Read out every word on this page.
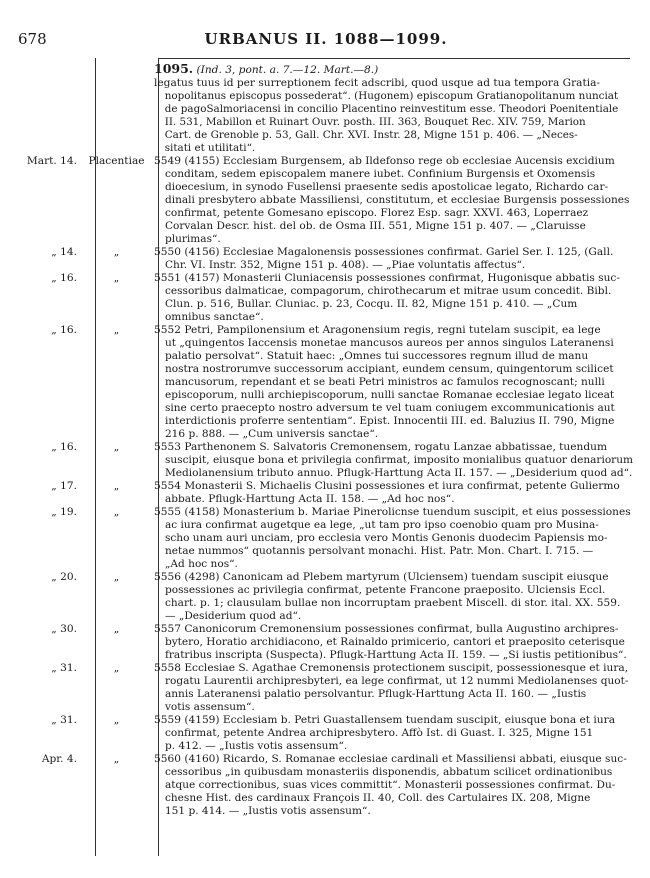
678	URBANUS II. 1088—1099.
1095. (Ind. 3, pont. a. 7.—12. Mart.—8.)
legatus tuus id per surreptionem fecit adscribi, quod usque ad tua tempora Gratia-
nopolitanus episcopus possederat“. (Hugonem) episcopum Gratianopolitanum nunciat
de pagoSalmoriacensi in concilio Placentino reinvestitum esse. Theodori Poenitentiale
II. 531, Mabillon et Ruinart Ouvr. posth. III. 363, Bouquet Rec. XIV. 759, Marion
Cart. de Grenoble p. 53, Gall. Chr. XVI. Instr. 28, Migne 151 p. 406. — „Neces-
sitati et utilitati“.
Mart. 14.	Placentiae 5549 (4155) Ecclesiam Burgensem, ab Ildefonso rege ob ecclesiae Aucensis excidium
conditam, sedem episcopalem manere iubet. Confinium Burgensis et Oxomensis
dioecesium, in synodo Fusellensi praesente sedis apostolicae legato, Richardo car-
dinali presbytero abbate Massiliensi, constitutum, et ecclesiae Burgensis possessiones
confirmat, petente Gomesano episcopo. Florez Esp. sagr. XXVI. 463, Loperraez
Corvalan Descr. hist. del ob. de Osma III. 551, Migne 151 p. 407. — „Claruisse
plurimas“.
„ 14.	„	5550 (4156) Ecclesiae Magalonensis possessiones confirmat. Gariel Ser. I. 125, (Gall.
Chr. VI. Instr. 352, Migne 151 p. 408). — „Piae voluntatis affectus“.
„ 16.	„	5551 (4157) Monasterii Cluniacensis possessiones confirmat, Hugonisque abbatis suc-
cessoribus dalmaticae, compagorum, chirothecarum et mitrae usum concedit. Bibl.
Clun. p. 516, Bullar. Cluniac. p. 23, Cocqu. II. 82, Migne 151 p. 410. — „Cum
omnibus sanctae“.
„ 16.	„	5552 Petri, Pampilonensium et Aragonensium regis, regni tutelam suscipit, ea lege
ut „quingentos Iaccensis monetae mancusos aureos per annos singulos Lateranensi
palatio persolvat“. Statuit haec: „Omnes tui successores regnum illud de manu
nostra nostrorumve successorum accipiant, eundem censum, quingentorum scilicet
mancusorum, rependant et se beati Petri ministros ac famulos recognoscant; nulli
episcoporum, nulli archiepiscoporum, nulli sanctae Romanae ecclesiae legato liceat
sine certo praecepto nostro adversum te vel tuam coniugem excommunicationis aut
interdictionis proferre sententiam“. Epist. Innocentii III. ed. Baluzius II. 790, Migne
216 p. 888. — „Cum universis sanctae“.
„ 16.	„	5553 Parthenonem S. Salvatoris Cremonensem, rogatu Lanzae abbatissae, tuendum
suscipit, eiusque bona et privilegia confirmat, imposito monialibus quatuor denariorum
Mediolanensium tributo annuo. Pflugk-Harttung Acta II. 157. — „Desiderium quod ad“.
„ 17.	„	5554 Monasterii S. Michaelis Clusini possessiones et iura confirmat, petente Guliermo
abbate. Pflugk-Harttung Acta II. 158. — „Ad hoc nos“.
„ 19.	„	5555 (4158) Monasterium b. Mariae Pinerolicnse tuendum suscipit, et eius possessiones
ac iura confirmat augetque ea lege, „ut tam pro ipso coenobio quam pro Musina-
scho unam auri unciam, pro ecclesia vero Montis Genonis duodecim Papiensis mo-
netae nummos“ quotannis persolvant monachi. Hist. Patr. Mon. Chart. I. 715. —
„Ad hoc nos“.
„ 20.	„	5556 (4298) Canonicam ad Plebem martyrum (Ulciensem) tuendam suscipit eiusque
possessiones ac privilegia confirmat, petente Francone praeposito. Ulciensis Eccl.
chart. p. 1; clausulam bullae non incorruptam praebent Miscell. di stor. ital. XX. 559.
— „Desiderium quod ad“.
„ 30.	„	5557 Canonicorum Cremonensium possessiones confirmat, bulla Augustino archipres-
bytero, Horatio archidiacono, et Rainaldo primicerio, cantori et praeposito ceterisque
fratribus inscripta (Suspecta). Pflugk-Harttung Acta II. 159. — „Si iustis petitionibus“.
„ 31.	„	5558 Ecclesiae S. Agathae Cremonensis protectionem suscipit, possessionesque et iura,
rogatu Laurentii archipresbyteri, ea lege confirmat, ut 12 nummi Mediolanenses quot-
annis Lateranensi palatio persolvantur. Pflugk-Harttung Acta II. 160. — „Iustis
votis assensum“.
„ 31.	„	5559 (4159) Ecclesiam b. Petri Guastallensem tuendam suscipit, eiusque bona et iura
confirmat, petente Andrea archipresbytero. Affò Ist. di Guast. I. 325, Migne 151
p. 412. — „Iustis votis assensum“.
Apr. 4.	„	5560 (4160) Ricardo, S. Romanae ecclesiae cardinali et Massiliensi abbati, eiusque suc-
cessoribus „in quibusdam monasteriis disponendis, abbatum scilicet ordinationibus
atque correctionibus, suas vices committit“. Monasterii possessiones confirmat. Du-
chesne Hist. des cardinaux François II. 40, Coll. des Cartulaires IX. 208, Migne
151 p. 414. — „Iustis votis assensum“.
